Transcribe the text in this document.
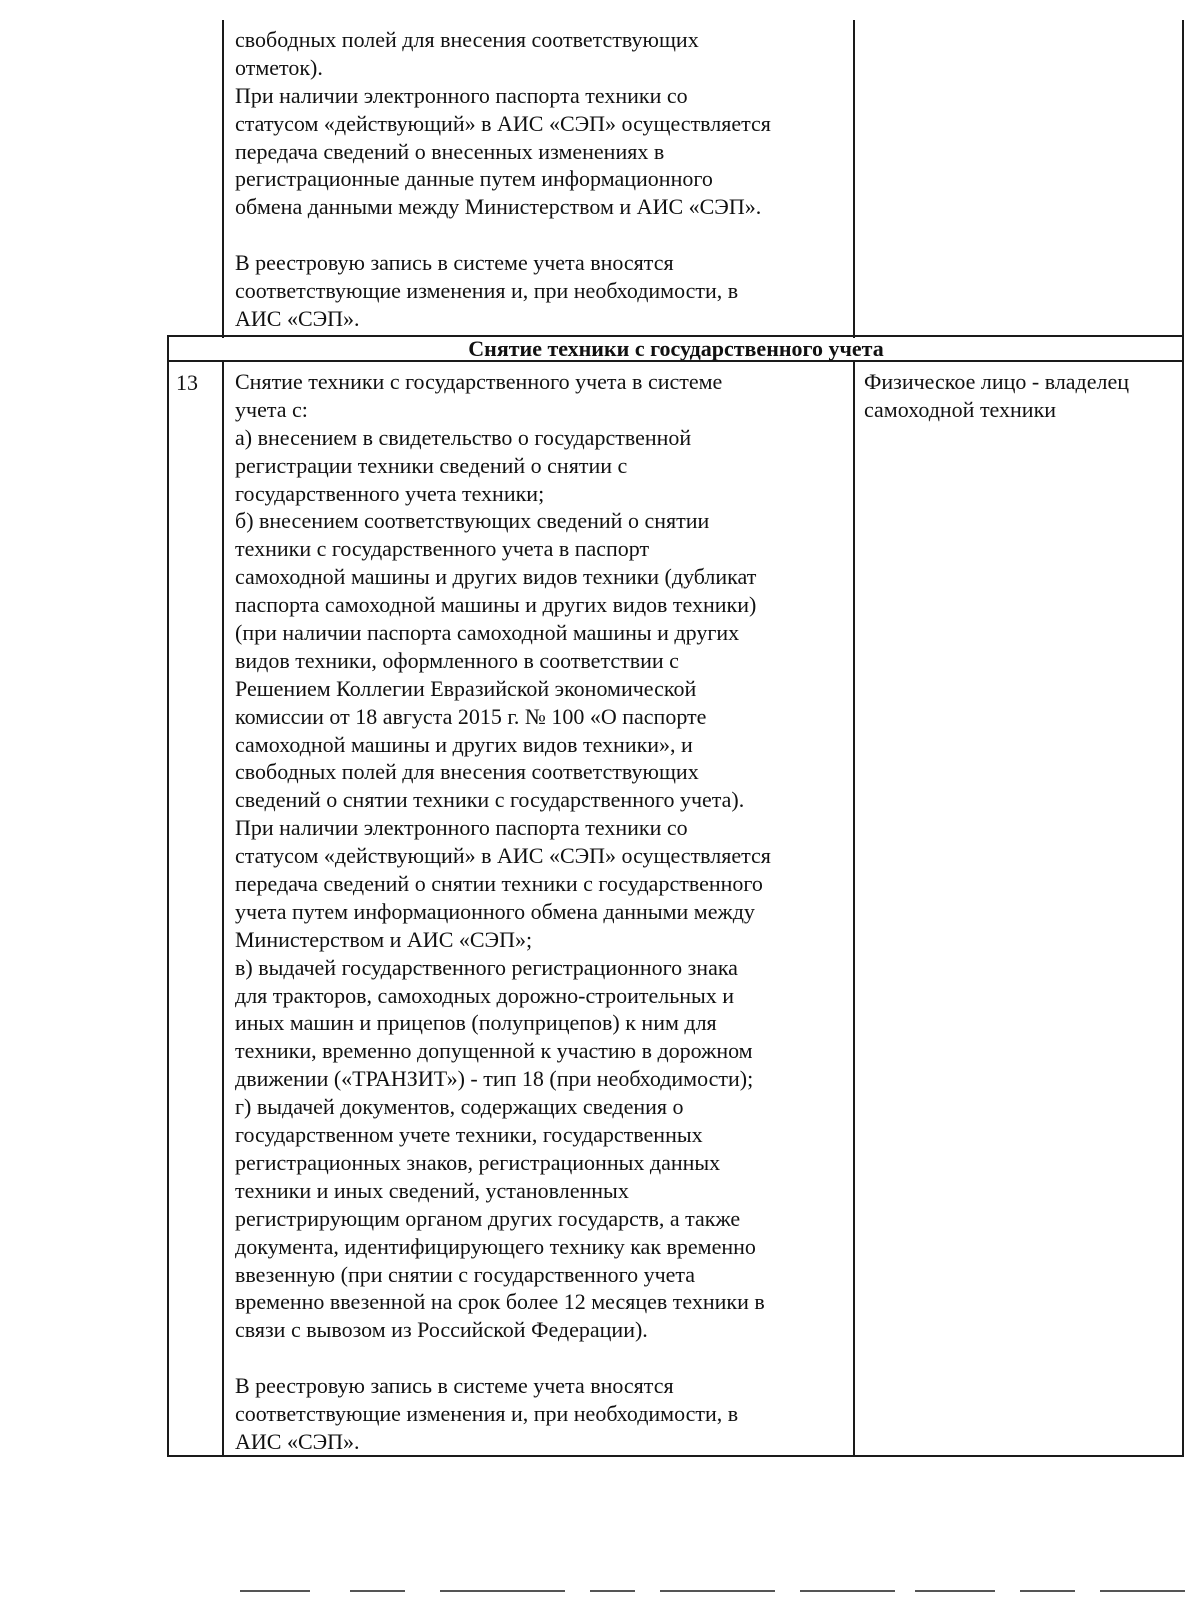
свободных полей для внесения соответствующих
отметок).
При наличии электронного паспорта техники со
статусом «действующий» в АИС «СЭП» осуществляется
передача сведений о внесенных изменениях в
регистрационные данные путем информационного
обмена данными между Министерством и АИС «СЭП».
В реестровую запись в системе учета вносятся
соответствующие изменения и, при необходимости, в
АИС «СЭП».
Снятие техники с государственного учета
13 Снятие техники с государственного учета в системе
учета с:
а) внесением в свидетельство о государственной
регистрации техники сведений о снятии с
государственного учета техники;
б) внесением соответствующих сведений о снятии
техники с государственного учета в паспорт
самоходной машины и других видов техники (дубликат
паспорта самоходной машины и других видов техники)
(при наличии паспорта самоходной машины и других
видов техники, оформленного в соответствии с
Решением Коллегии Евразийской экономической
комиссии от 18 августа 2015 г. № 100 «О паспорте
самоходной машины и других видов техники», и
свободных полей для внесения соответствующих
сведений о снятии техники с государственного учета).
При наличии электронного паспорта техники со
статусом «действующий» в АИС «СЭП» осуществляется
передача сведений о снятии техники с государственного
учета путем информационного обмена данными между
Министерством и АИС «СЭП»;
в) выдачей государственного регистрационного знака
для тракторов, самоходных дорожно-строительных и
иных машин и прицепов (полуприцепов) к ним для
техники, временно допущенной к участию в дорожном
движении («ТРАНЗИТ») - тип 18 (при необходимости);
г) выдачей документов, содержащих сведения о
государственном учете техники, государственных
регистрационных знаков, регистрационных данных
техники и иных сведений, установленных
регистрирующим органом других государств, а также
документа, идентифицирующего технику как временно
ввезенную (при снятии с государственного учета
временно ввезенной на срок более 12 месяцев техники в
связи с вывозом из Российской Федерации).
В реестровую запись в системе учета вносятся
соответствующие изменения и, при необходимости, в
АИС «СЭП».
Физическое лицо - владелец
самоходной техники
